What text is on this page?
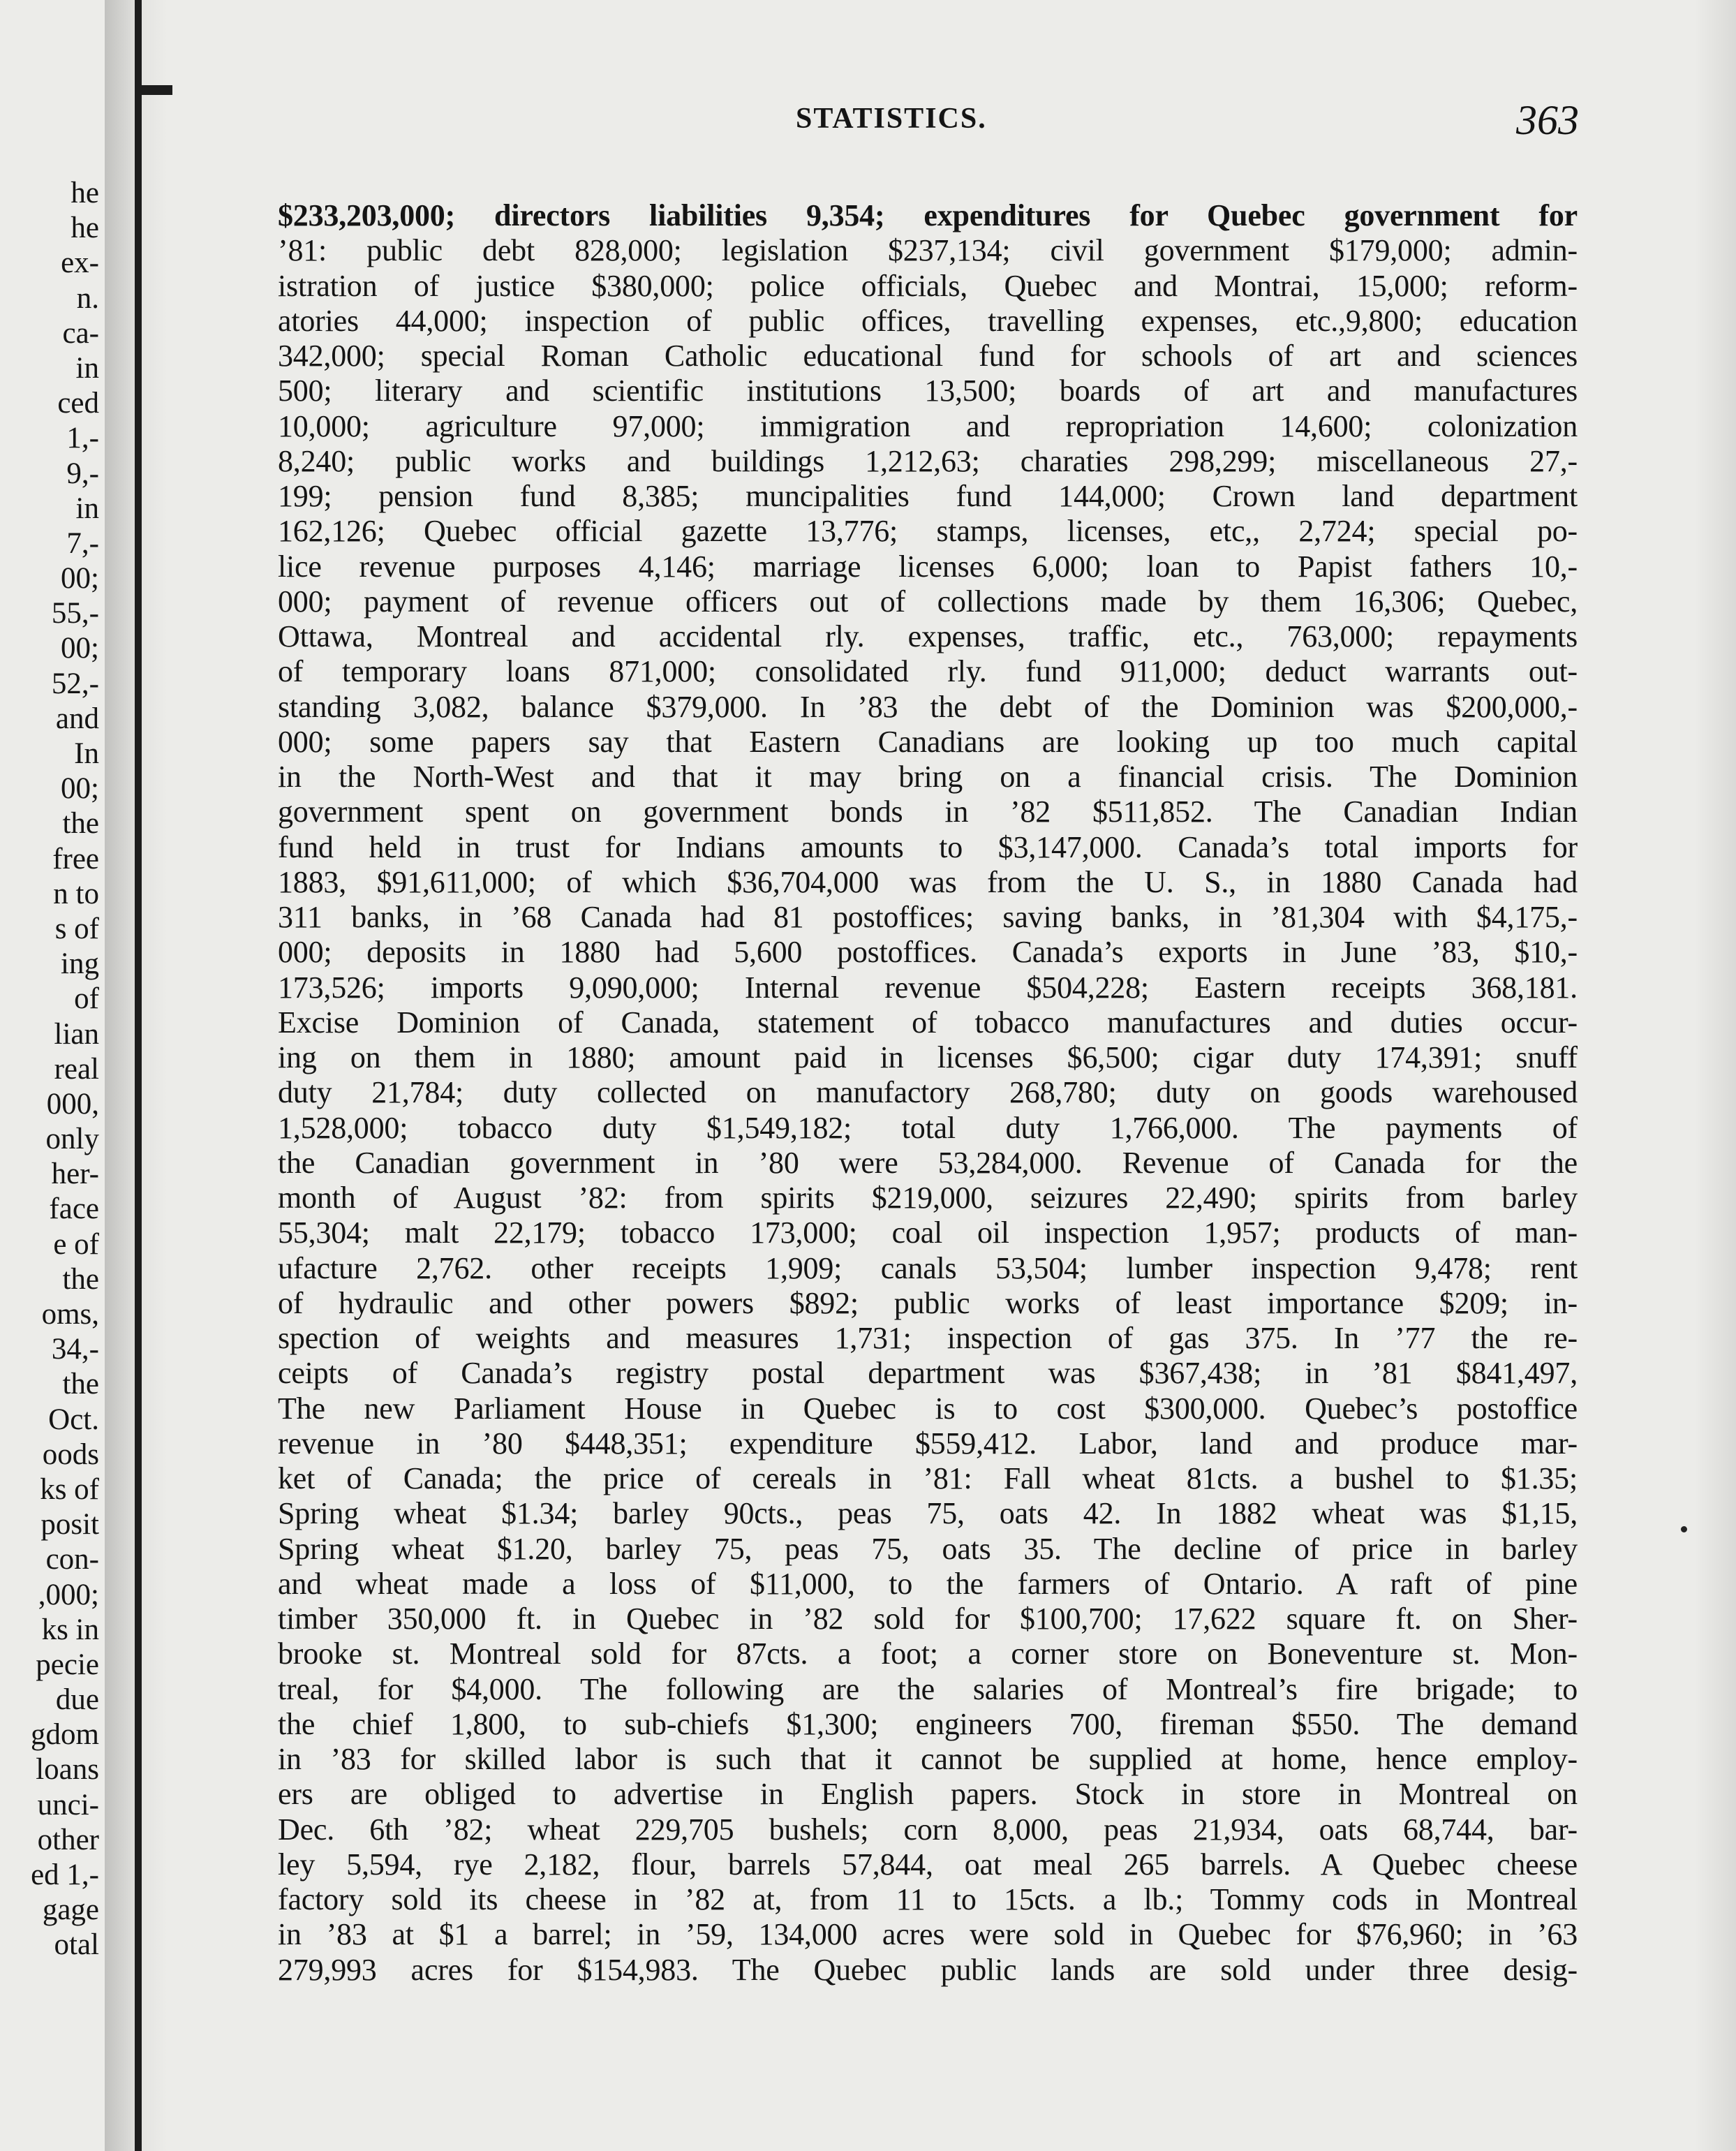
he
he
ex-
n.
ca-
in
ced
1,-
9,-
in
7,-
00;
55,-
00;
52,-
and
In
00;
the
free
n to
s of
ing
of
lian
real
000,
only
her-
face
e of
the
oms,
34,-
the
Oct.
oods
ks of
posit
con-
,000;
ks in
pecie
due
gdom
loans
unci-
other
ed 1,-
gage
otal
STATISTICS.	363
$233,203,000; directors liabilities 9,354; expenditures for Quebec government for
’81: public debt 828,000; legislation $237,134; civil government $179,000; admin-
istration of justice $380,000; police officials, Quebec and Montrai, 15,000; reform-
atories 44,000; inspection of public offices, travelling expenses, etc.,9,800; education
342,000; special Roman Catholic educational fund for schools of art and sciences
500; literary and scientific institutions 13,500; boards of art and manufactures
10,000; agriculture 97,000; immigration and repropriation 14,600; colonization
8,240; public works and buildings 1,212,63; charaties 298,299; miscellaneous 27,-
199; pension fund 8,385; muncipalities fund 144,000; Crown land department
162,126; Quebec official gazette 13,776; stamps, licenses, etc,, 2,724; special po-
lice revenue purposes 4,146; marriage licenses 6,000; loan to Papist fathers 10,-
000; payment of revenue officers out of collections made by them 16,306; Quebec,
Ottawa, Montreal and accidental rly. expenses, traffic, etc., 763,000; repayments
of temporary loans 871,000; consolidated rly. fund 911,000; deduct warrants out-
standing 3,082, balance $379,000. In ’83 the debt of the Dominion was $200,000,-
000; some papers say that Eastern Canadians are looking up too much capital
in the North-West and that it may bring on a financial crisis. The Dominion
government spent on government bonds in ’82 $511,852. The Canadian Indian
fund held in trust for Indians amounts to $3,147,000. Canada’s total imports for
1883, $91,611,000; of which $36,704,000 was from the U. S., in 1880 Canada had
311 banks, in ’68 Canada had 81 postoffices; saving banks, in ’81,304 with $4,175,-
000; deposits in 1880 had 5,600 postoffices. Canada’s exports in June ’83, $10,-
173,526; imports 9,090,000; Internal revenue $504,228; Eastern receipts 368,181.
Excise Dominion of Canada, statement of tobacco manufactures and duties occur-
ing on them in 1880; amount paid in licenses $6,500; cigar duty 174,391; snuff
duty 21,784; duty collected on manufactory 268,780; duty on goods warehoused
1,528,000; tobacco duty $1,549,182; total duty 1,766,000. The payments of
the Canadian government in ’80 were 53,284,000. Revenue of Canada for the
month of August ’82: from spirits $219,000, seizures 22,490; spirits from barley
55,304; malt 22,179; tobacco 173,000; coal oil inspection 1,957; products of man-
ufacture 2,762. other receipts 1,909; canals 53,504; lumber inspection 9,478; rent
of hydraulic and other powers $892; public works of least importance $209; in-
spection of weights and measures 1,731; inspection of gas 375. In ’77 the re-
ceipts of Canada’s registry postal department was $367,438; in ’81 $841,497,
The new Parliament House in Quebec is to cost $300,000. Quebec’s postoffice
revenue in ’80 $448,351; expenditure $559,412. Labor, land and produce mar-
ket of Canada; the price of cereals in ’81: Fall wheat 81cts. a bushel to $1.35;
Spring wheat $1.34; barley 90cts., peas 75, oats 42. In 1882 wheat was $1,15,
Spring wheat $1.20, barley 75, peas 75, oats 35. The decline of price in barley
and wheat made a loss of $11,000, to the farmers of Ontario. A raft of pine
timber 350,000 ft. in Quebec in ’82 sold for $100,700; 17,622 square ft. on Sher-
brooke st. Montreal sold for 87cts. a foot; a corner store on Boneventure st. Mon-
treal, for $4,000. The following are the salaries of Montreal’s fire brigade; to
the chief 1,800, to sub-chiefs $1,300; engineers 700, fireman $550. The demand
in ’83 for skilled labor is such that it cannot be supplied at home, hence employ-
ers are obliged to advertise in English papers. Stock in store in Montreal on
Dec. 6th ’82; wheat 229,705 bushels; corn 8,000, peas 21,934, oats 68,744, bar-
ley 5,594, rye 2,182, flour, barrels 57,844, oat meal 265 barrels. A Quebec cheese
factory sold its cheese in ’82 at, from 11 to 15cts. a lb.; Tommy cods in Montreal
in ’83 at $1 a barrel; in ’59, 134,000 acres were sold in Quebec for $76,960; in ’63
279,993 acres for $154,983. The Quebec public lands are sold under three desig-
